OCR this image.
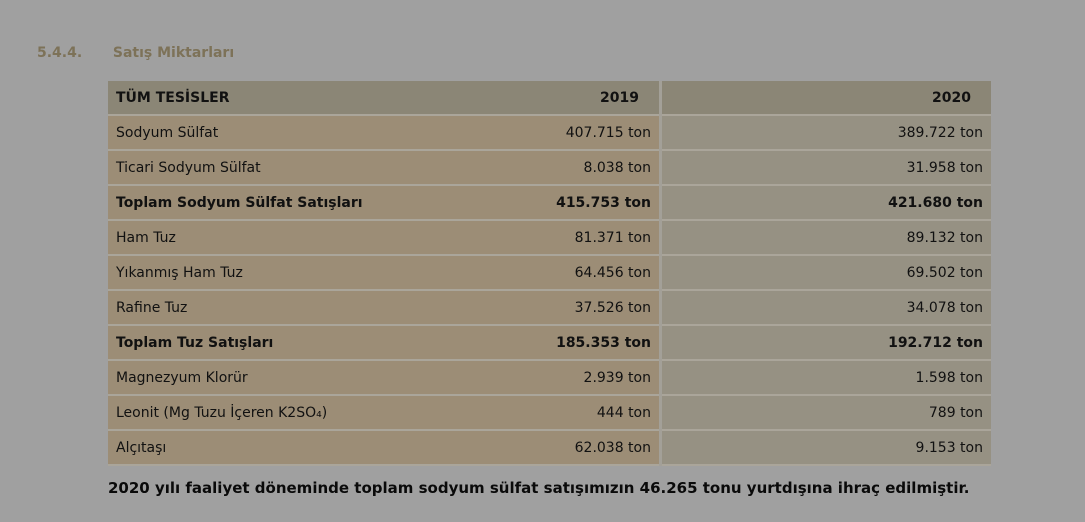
5.4.4. Satış Miktarları
TÜM TESİSLER	2019	2020
Sodyum Sülfat	407.715 ton	389.722 ton
Ticari Sodyum Sülfat	8.038 ton	31.958 ton
Toplam Sodyum Sülfat Satışları	415.753 ton	421.680 ton
Ham Tuz	81.371 ton	89.132 ton
Yıkanmış Ham Tuz	64.456 ton	69.502 ton
Rafine Tuz	37.526 ton	34.078 ton
Toplam Tuz Satışları	185.353 ton	192.712 ton
Magnezyum Klorür	2.939 ton	1.598 ton
Leonit (Mg Tuzu İçeren K2SO₄)	444 ton	789 ton
Alçıtaşı	62.038 ton	9.153 ton
2020 yılı faaliyet döneminde toplam sodyum sülfat satışımızın 46.265 tonu yurtdışına ihraç edilmiştir.
